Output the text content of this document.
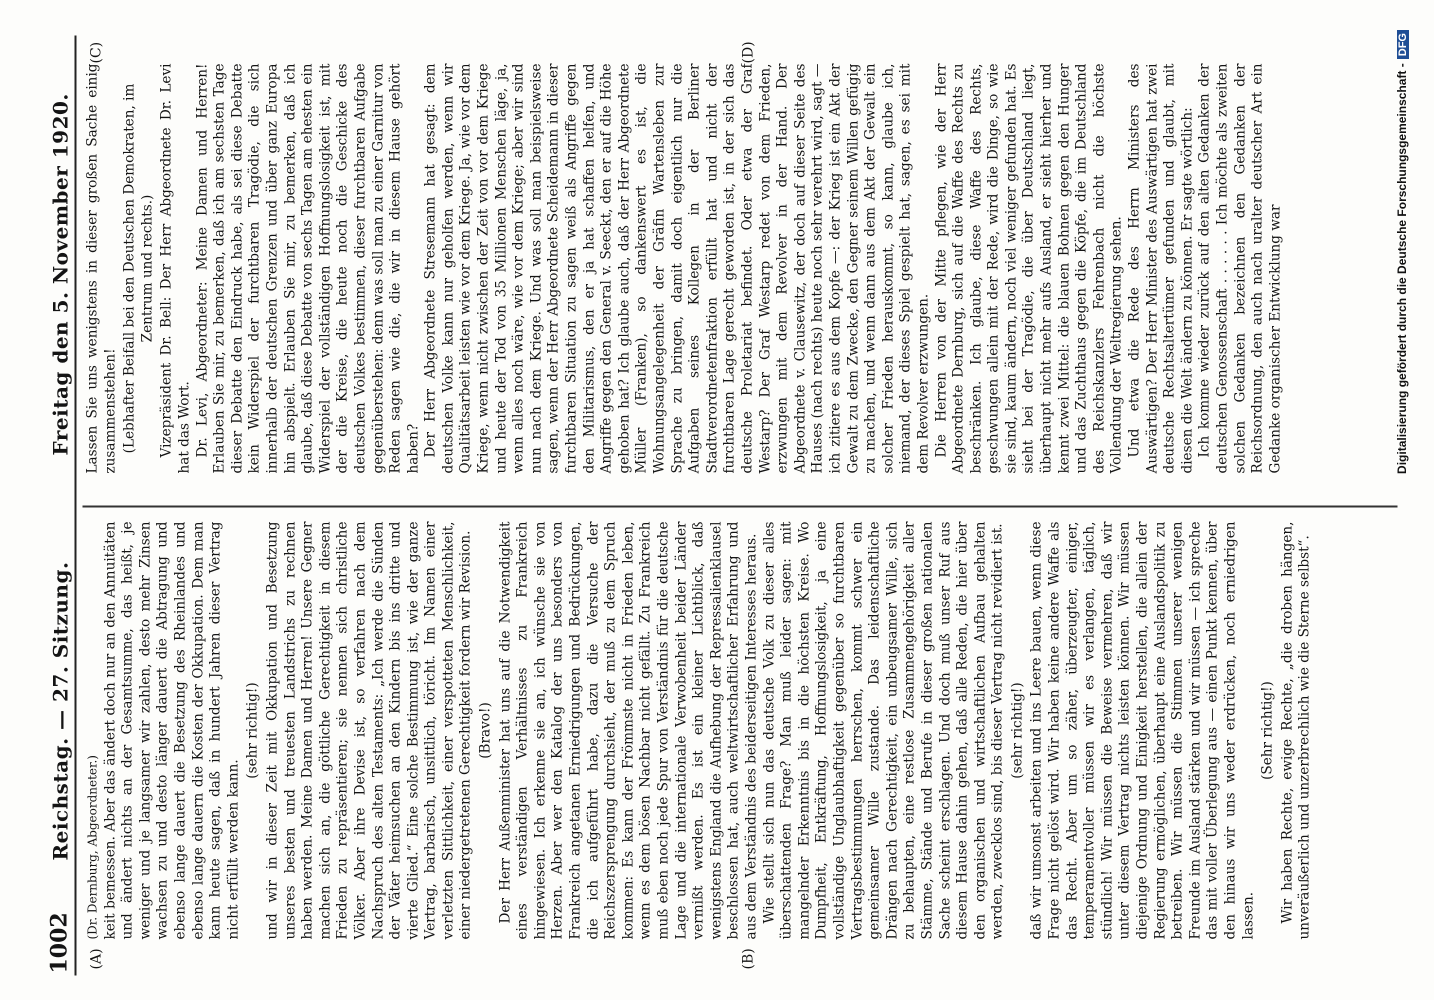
1002
Reichstag. — 27. Sitzung.
Freitag den 5. November 1920.
(A)	(B)
(C)	(D)

(Dr. Dernburg, Abgeordneter.) keit bemessen. Aber das ändert doch nur an den Annuitäten und ändert nichts an der Gesamtsumme, das heißt, je weniger und je langsamer wir zahlen, desto mehr Zinsen wachsen zu und desto länger dauert die Abtragung und ebenso lange dauert die Besetzung des Rheinlandes und ebenso lange dauern die Kosten der Okkupation. Dem man kann heute sagen, daß in hundert Jahren dieser Vertrag nicht erfüllt werden kann.

(sehr richtig!) und wir in dieser Zeit mit Okkupation und Besetzung unseres besten und treuesten Landstrichs zu rechnen haben werden. Meine Damen und Herren! Unsere Gegner machen sich an, die göttliche Gerechtigkeit in diesem Frieden zu repräsentieren; sie nennen sich christliche Völker. Aber ihre Devise ist, so verfahren nach dem Nachspruch des alten Testaments: „Ich werde die Sünden der Väter heimsuchen an den Kindern bis ins dritte und vierte Glied.“ Eine solche Bestimmung ist, wie der ganze Vertrag, barbarisch, unsittlich, töricht. Im Namen einer verletzten Sittlichkeit, einer verspotteten Menschlichkeit, einer niedergetretenen Gerechtigkeit fordern wir Revision. (Bravo!) Der Herr Außenminister hat uns auf die Notwendigkeit eines verständigen Verhältnisses zu Frankreich hingewiesen. Ich erkenne sie an, ich wünsche sie von Herzen. Aber wer den Katalog der uns besonders von Frankreich angetanen Erniedrigungen und Bedrückungen, die ich aufgeführt habe, dazu die Versuche der Reichszersprengung durchsieht, der muß zu dem Spruch kommen: Es kann der Frömmste nicht in Frieden leben, wenn es dem bösen Nachbar nicht gefällt. Zu Frankreich muß eben noch jede Spur von Verständnis für die deutsche Lage und die internationale Verwobenheit beider Länder vermißt werden. Es ist ein kleiner Lichtblick, daß wenigstens England die Aufhebung der Repressalienklausel beschlossen hat, auch weltwirtschaftlicher Erfahrung und aus dem Verständnis des beiderseitigen Interesses heraus. Wie stellt sich nun das deutsche Volk zu dieser alles überschattenden Frage? Man muß leider sagen: mit mangelnder Erkenntnis bis in die höchsten Kreise. Wo Dumpfheit, Entkräftung, Hoffnungslosigkeit, ja eine vollständige Unglaubhaftigkeit gegenüber so furchtbaren Vertragsbestimmungen herrschen, kommt schwer ein gemeinsamer Wille zustande. Das leidenschaftliche Drängen nach Gerechtigkeit, ein unbeugsamer Wille, sich zu behaupten, eine restlose Zusammengehörigkeit aller Stämme, Stände und Berufe in dieser großen nationalen Sache scheint erschlagen. Und doch muß unser Ruf aus diesem Hause dahin gehen, daß alle Reden, die hier über den organischen und wirtschaftlichen Aufbau gehalten werden, zwecklos sind, bis dieser Vertrag nicht revidiert ist. (sehr richtig!) daß wir umsonst arbeiten und ins Leere bauen, wenn diese Frage nicht gelöst wird. Wir haben keine andere Waffe als das Recht. Aber um so zäher, überzeugter, einiger, temperamentvoller müssen wir es verlangen, täglich, stündlich! Wir müssen die Beweise vermehren, daß wir unter diesem Vertrag nichts leisten können. Wir müssen diejenige Ordnung und Einigkeit herstellen, die allein der Regierung ermöglichen, überhaupt eine Auslandspolitik zu betreiben. Wir müssen die Stimmen unserer wenigen Freunde im Ausland stärken und wir müssen — ich spreche das mit voller Überlegung aus — einen Punkt kennen, über den hinaus wir uns weder erdrücken, noch erniedrigen lassen.

(Sehr richtig!) Wir haben Rechte, ewige Rechte, „die droben hängen, unveräußerlich und unzerbrechlich wie die Sterne selbst“.

Lassen Sie uns wenigstens in dieser großen Sache einig zusammenstehen! (Lebhafter Beifall bei den Deutschen Demokraten, im Zentrum und rechts.) Vizepräsident Dr. Bell: Der Herr Abgeordnete Dr. Levi hat das Wort. Dr. Levi, Abgeordneter: Meine Damen und Herren! Erlauben Sie mir, zu bemerken, daß ich am sechsten Tage dieser Debatte den Eindruck habe, als sei diese Debatte kein Widerspiel der furchtbaren Tragödie, die sich innerhalb der deutschen Grenzen und über ganz Europa hin abspielt. Erlauben Sie mir, zu bemerken, daß ich glaube, daß diese Debatte von sechs Tagen am ehesten ein Widerspiel der vollständigen Hoffnungslosigkeit ist, mit der die Kreise, die heute noch die Geschicke des deutschen Volkes bestimmen, dieser furchtbaren Aufgabe gegenüberstehen: denn was soll man zu einer Garnitur von Reden sagen wie die, die wir in diesem Hause gehört haben? Der Herr Abgeordnete Stresemann hat gesagt: dem deutschen Volke kann nur geholfen werden, wenn wir Qualitätsarbeit leisten wie vor dem Kriege. Ja, wie vor dem Kriege, wenn nicht zwischen der Zeit von vor dem Kriege und heute der Tod von 35 Millionen Menschen läge, ja, wenn alles noch wäre, wie vor dem Kriege; aber wir sind nun nach dem Kriege. Und was soll man beispielsweise sagen, wenn der Herr Abgeordnete Scheidemann in dieser furchtbaren Situation zu sagen weiß als Angriffe gegen den Militarismus, den er ja hat schaffen helfen, und Angriffe gegen den General v. Seeckt, den er auf die Höhe gehoben hat? Ich glaube auch, daß der Herr Abgeordnete Müller (Franken), so dankenswert es ist, die Wohnungsangelegenheit der Gräfin Wartensleben zur Sprache zu bringen, damit doch eigentlich nur die Aufgaben seines Kollegen in der Berliner Stadtverordnetenfraktion erfüllt hat und nicht der furchtbaren Lage gerecht geworden ist, in der sich das deutsche Proletariat befindet. Oder etwa der Graf Westarp? Der Graf Westarp redet von dem Frieden, erzwungen mit dem Revolver in der Hand. Der Abgeordnete v. Clausewitz, der doch auf dieser Seite des Hauses (nach rechts) heute noch sehr verehrt wird, sagt — ich zitiere es aus dem Kopfe —: der Krieg ist ein Akt der Gewalt zu dem Zwecke, den Gegner seinem Willen gefügig zu machen, und wenn dann aus dem Akt der Gewalt ein solcher Frieden herauskommt, so kann, glaube ich, niemand, der dieses Spiel gespielt hat, sagen, es sei mit dem Revolver erzwungen. Die Herren von der Mitte pflegen, wie der Herr Abgeordnete Dernburg, sich auf die Waffe des Rechts zu beschränken. Ich glaube, diese Waffe des Rechts, geschwungen allein mit der Rede, wird die Dinge, so wie sie sind, kaum ändern, noch viel weniger gefunden hat. Es sieht bei der Tragödie, die über Deutschland liegt, überhaupt nicht mehr aufs Ausland, er sieht hierher und kennt zwei Mittel: die blauen Bohnen gegen den Hunger und das Zuchthaus gegen die Köpfe, die im Deutschland des Reichskanzlers Fehrenbach nicht die höchste Vollendung der Weltregierung sehen. Und etwa die Rede des Herrn Ministers des Auswärtigen? Der Herr Minister des Auswärtigen hat zwei deutsche Rechtsaltertümer gefunden und glaubt, mit diesen die Welt ändern zu können. Er sagte wörtlich: Ich komme wieder zurück auf den alten Gedanken der deutschen Genossenschaft . . . . . . Ich möchte als zweiten solchen Gedanken bezeichnen den Gedanken der Reichsordnung, den auch nach uralter deutscher Art ein Gedanke organischer Entwicklung war	Digitalisierung gefördert durch die Deutsche Forschungsgemeinschaft -DFG
